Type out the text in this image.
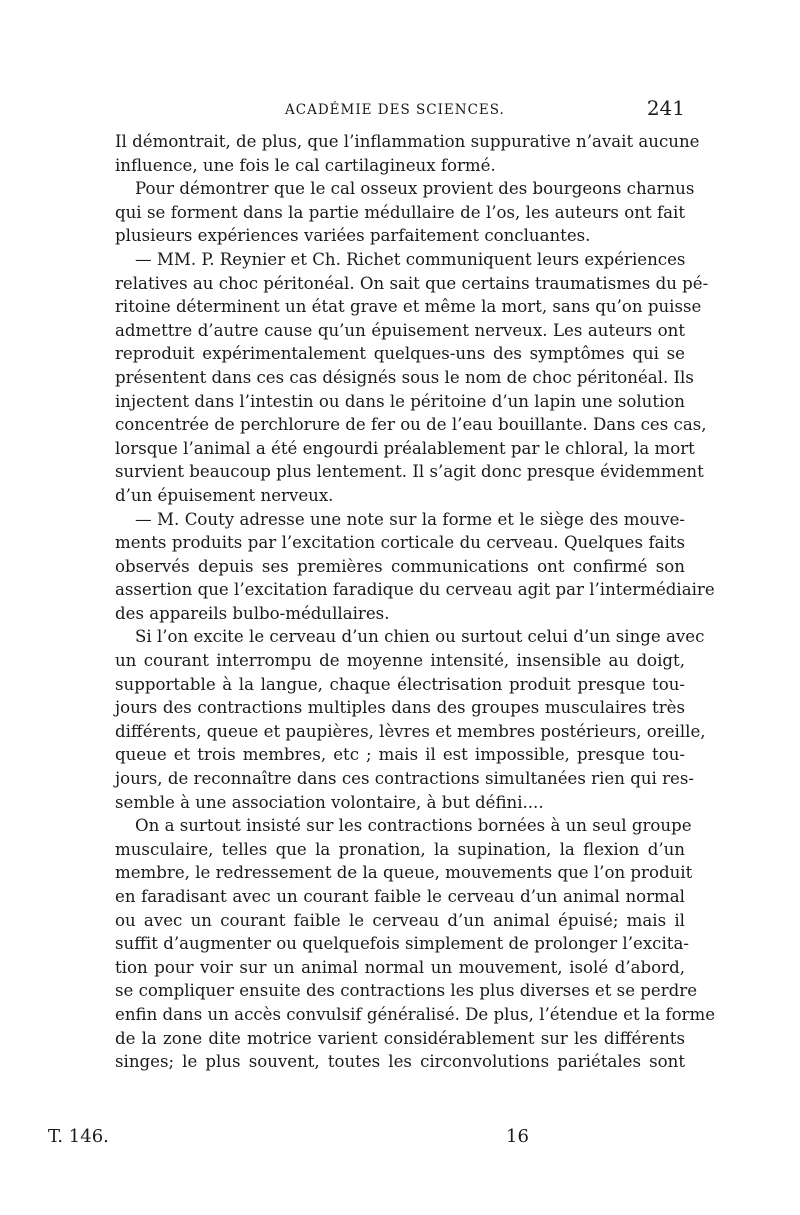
ACADÉMIE DES SCIENCES.	241
Il démontrait, de plus, que l’inflammation suppurative n’avait aucune
influence, une fois le cal cartilagineux formé.
Pour démontrer que le cal osseux provient des bourgeons charnus
qui se forment dans la partie médullaire de l’os, les auteurs ont fait
plusieurs expériences variées parfaitement concluantes.
— MM. P. Reynier et Ch. Richet communiquent leurs expériences
relatives au choc péritonéal. On sait que certains traumatismes du pé-
ritoine déterminent un état grave et même la mort, sans qu’on puisse
admettre d’autre cause qu’un épuisement nerveux. Les auteurs ont
reproduit expérimentalement quelques-uns des symptômes qui se
présentent dans ces cas désignés sous le nom de choc péritonéal. Ils
injectent dans l’intestin ou dans le péritoine d’un lapin une solution
concentrée de perchlorure de fer ou de l’eau bouillante. Dans ces cas,
lorsque l’animal a été engourdi préalablement par le chloral, la mort
survient beaucoup plus lentement. Il s’agit donc presque évidemment
d’un épuisement nerveux.
— M. Couty adresse une note sur la forme et le siège des mouve-
ments produits par l’excitation corticale du cerveau. Quelques faits
observés depuis ses premières communications ont confirmé son
assertion que l’excitation faradique du cerveau agit par l’intermédiaire
des appareils bulbo-médullaires.
Si l’on excite le cerveau d’un chien ou surtout celui d’un singe avec
un courant interrompu de moyenne intensité, insensible au doigt,
supportable à la langue, chaque électrisation produit presque tou-
jours des contractions multiples dans des groupes musculaires très
différents, queue et paupières, lèvres et membres postérieurs, oreille,
queue et trois membres, etc ; mais il est impossible, presque tou-
jours, de reconnaître dans ces contractions simultanées rien qui res-
semble à une association volontaire, à but défini....
On a surtout insisté sur les contractions bornées à un seul groupe
musculaire, telles que la pronation, la supination, la flexion d’un
membre, le redressement de la queue, mouvements que l’on produit
en faradisant avec un courant faible le cerveau d’un animal normal
ou avec un courant faible le cerveau d’un animal épuisé; mais il
suffit d’augmenter ou quelquefois simplement de prolonger l’excita-
tion pour voir sur un animal normal un mouvement, isolé d’abord,
se compliquer ensuite des contractions les plus diverses et se perdre
enfin dans un accès convulsif généralisé. De plus, l’étendue et la forme
de la zone dite motrice varient considérablement sur les différents
singes; le plus souvent, toutes les circonvolutions pariétales sont
T. 146.	16
